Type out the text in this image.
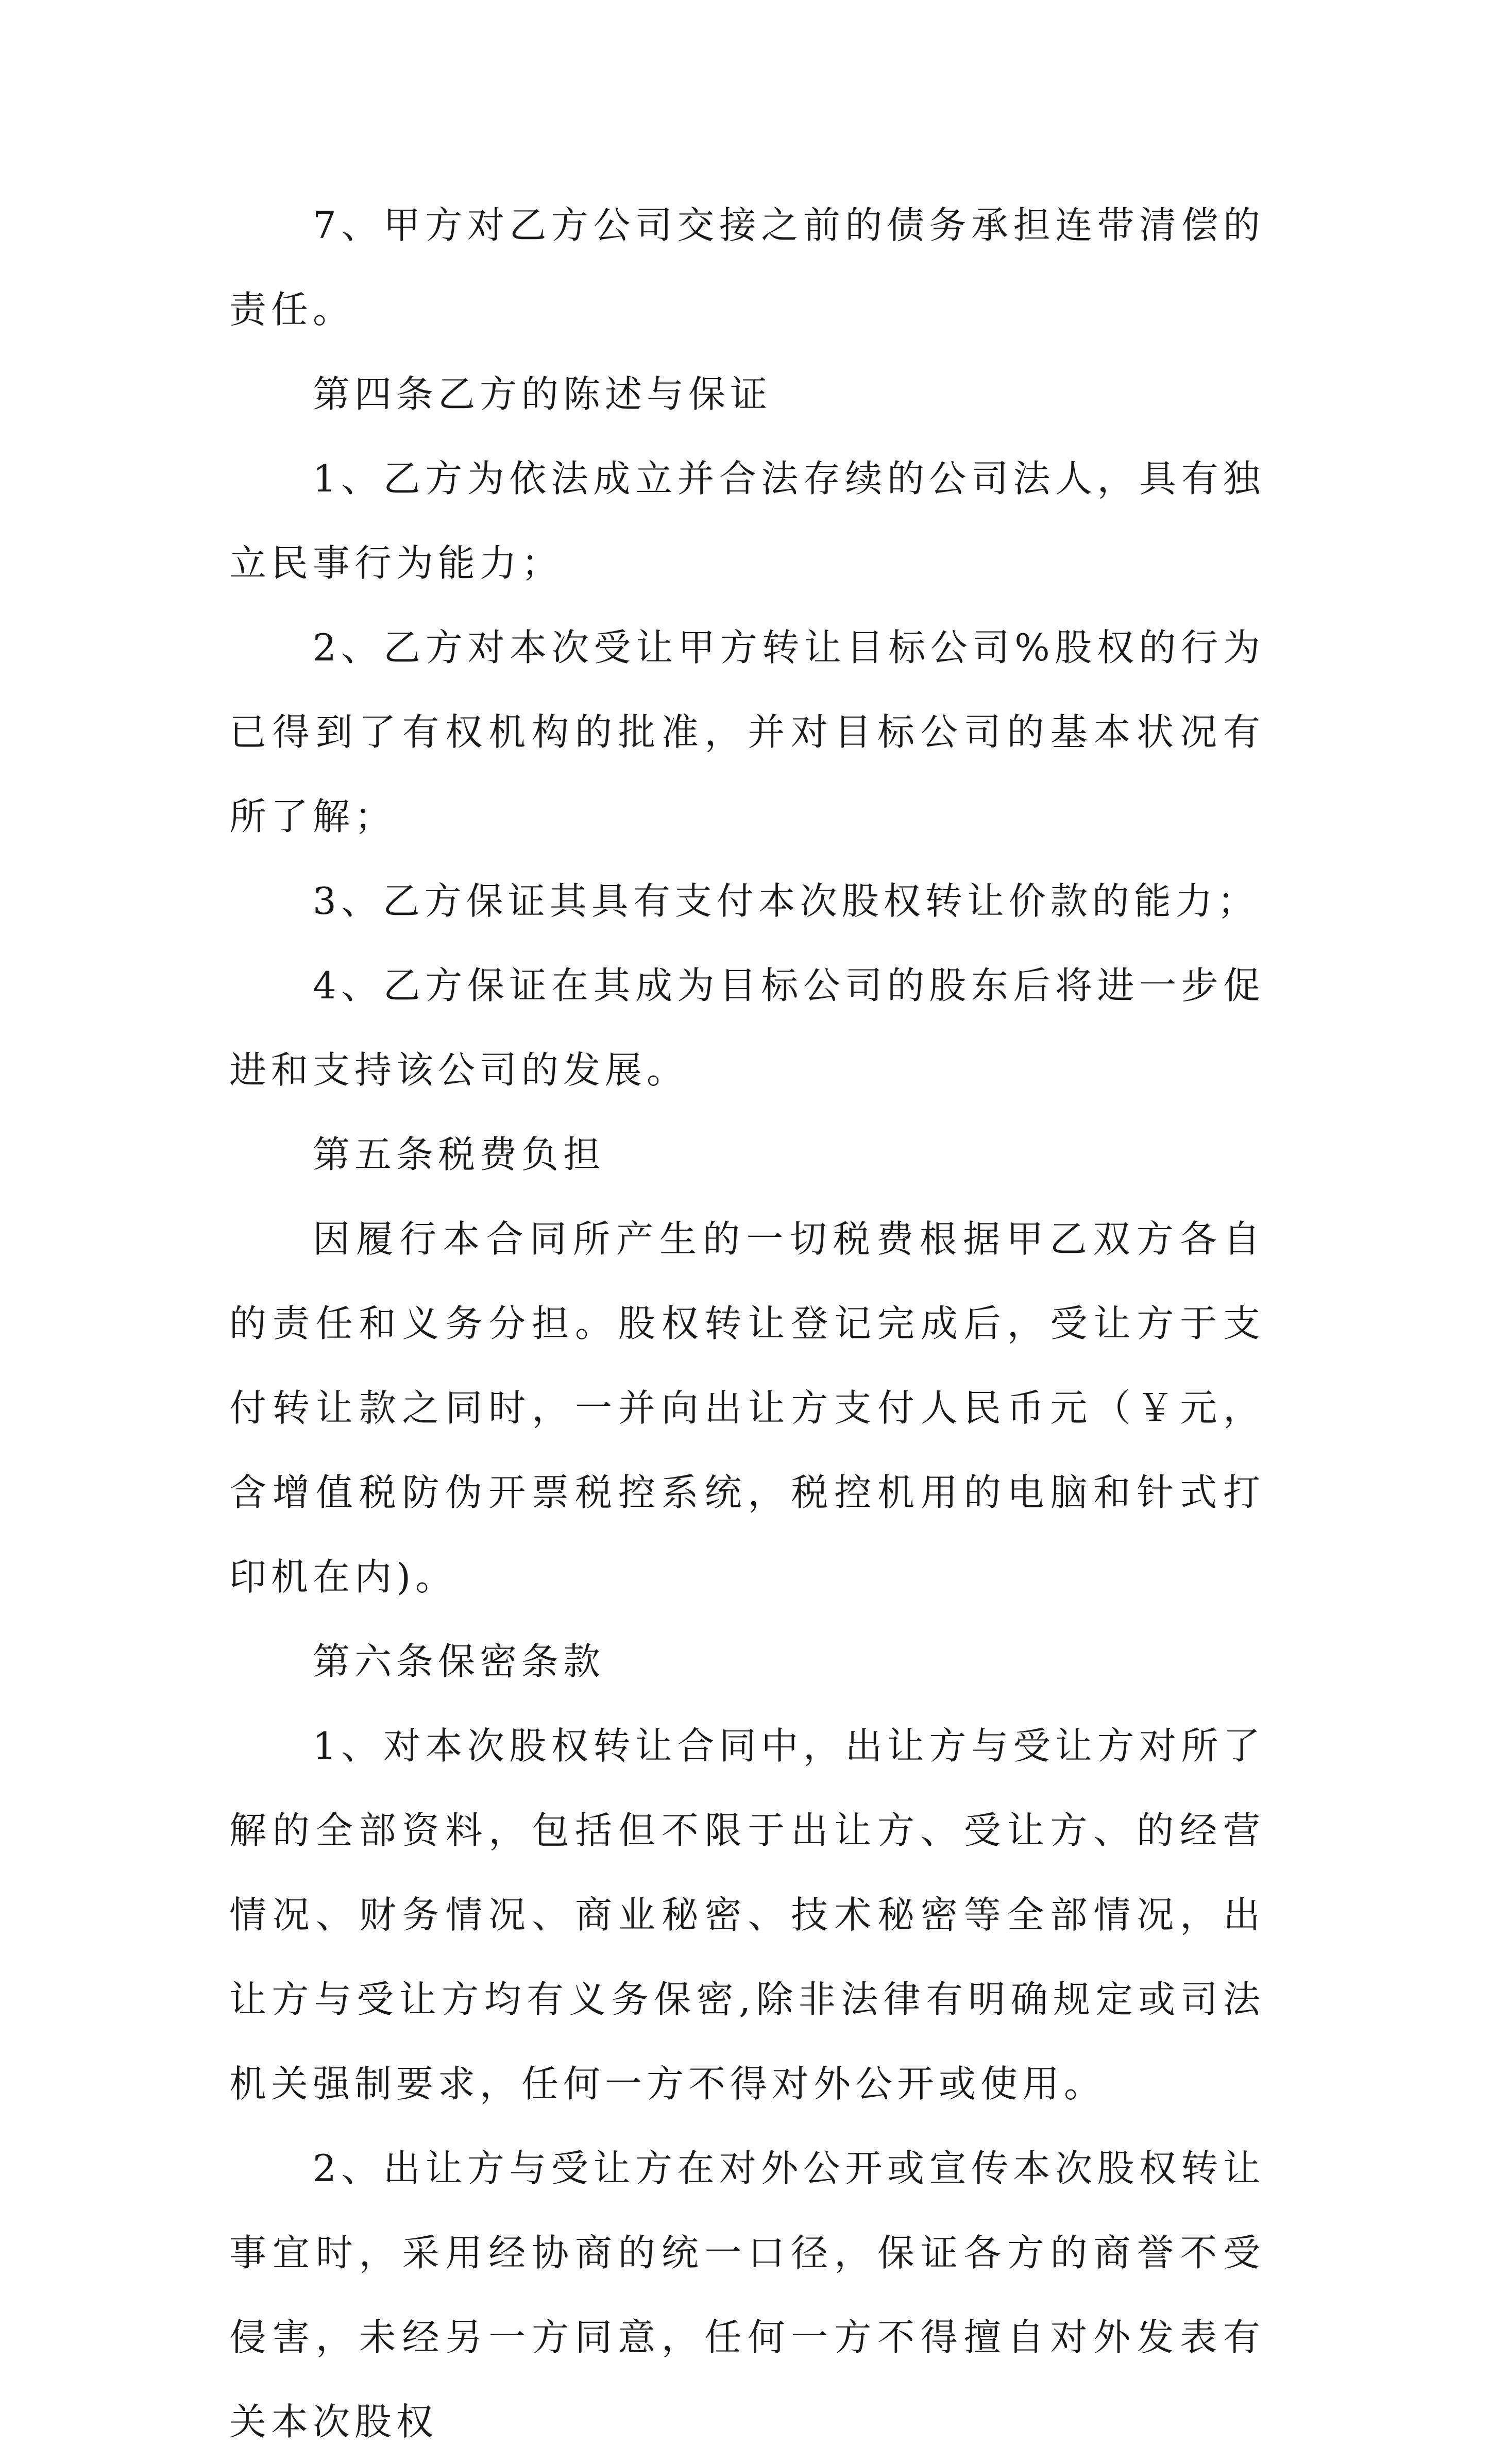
7、甲方对乙方公司交接之前的债务承担连带清偿的责任。

第四条乙方的陈述与保证

1、乙方为依法成立并合法存续的公司法人，具有独立民事行为能力；

2、乙方对本次受让甲方转让目标公司%股权的行为已得到了有权机构的批准，并对目标公司的基本状况有所了解；

3、乙方保证其具有支付本次股权转让价款的能力；

4、乙方保证在其成为目标公司的股东后将进一步促进和支持该公司的发展。

第五条税费负担

因履行本合同所产生的一切税费根据甲乙双方各自的责任和义务分担。股权转让登记完成后，受让方于支付转让款之同时，一并向出让方支付人民币元（￥元，含增值税防伪开票税控系统，税控机用的电脑和针式打印机在内)。

第六条保密条款

1、对本次股权转让合同中，出让方与受让方对所了解的全部资料，包括但不限于出让方、受让方、的经营情况、财务情况、商业秘密、技术秘密等全部情况，出让方与受让方均有义务保密,除非法律有明确规定或司法机关强制要求，任何一方不得对外公开或使用。

2、出让方与受让方在对外公开或宣传本次股权转让事宜时，采用经协商的统一口径，保证各方的商誉不受侵害，未经另一方同意，任何一方不得擅自对外发表有关本次股权
